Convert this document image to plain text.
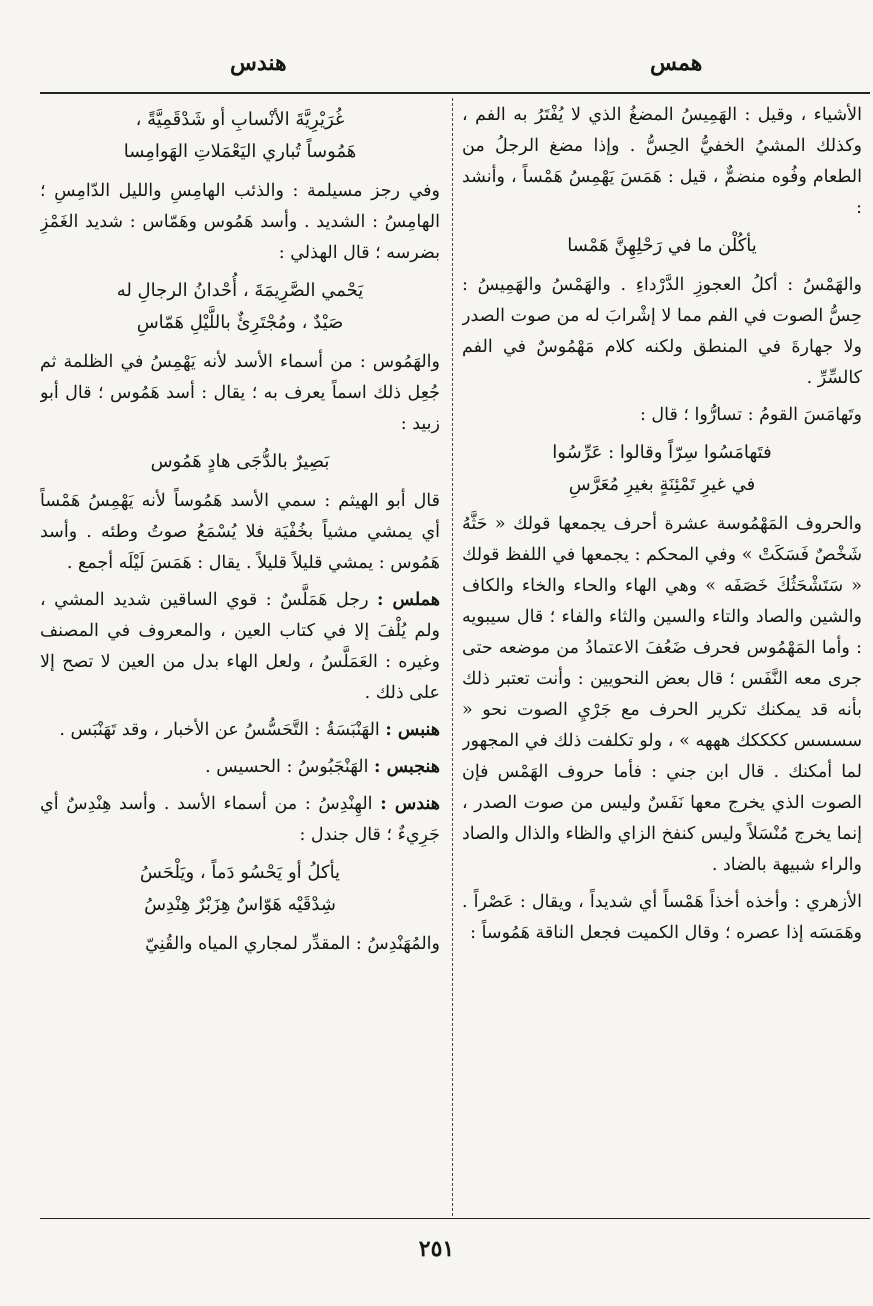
هندس	همس

الأشياء ، وقيل : الهَمِيسُ المضغُ الذي لا يُفْتَرُ به الفم ، وكذلك المشيُ الخفيُّ الحِسُّ . وإذا مضغ الرجلُ من الطعام وفُوه منضمٌّ ، قيل : هَمَسَ يَهْمِسُ هَمْساً ، وأنشد :

يأكُلْن ما في رَحْلِهِنَّ هَمْسا

والهَمْسُ : أكلُ العجوزِ الدَّرْداءِ . والهَمْسُ والهَمِيسُ : حِسُّ الصوت في الفم مما لا إشْرابَ له من صوت الصدر ولا جهارةَ في المنطق ولكنه كلام مَهْمُوسٌ في الفم كالسِّرِّ .

وتَهامَسَ القومُ : تسارُّوا ؛ قال :

فتَهامَسُوا سِرّاً وقالوا : عَرِّسُوا
في غيرِ تَمْئِنَةٍ بغيرِ مُعَرَّسِ

والحروف المَهْمُوسة عشرة أحرف يجمعها قولك « حَثَّهُ شَخْصٌ فَسَكَتْ » وفي المحكم : يجمعها في اللفظ قولك « سَتَشْحَثُكَ خَصَفَه » وهي الهاء والحاء والخاء والكاف والشين والصاد والتاء والسين والثاء والفاء ؛ قال سيبويه : وأما المَهْمُوس فحرف ضَعُفَ الاعتمادُ من موضعه حتى جرى معه النَّفَس ؛ قال بعض النحويين : وأنت تعتبر ذلك بأنه قد يمكنك تكرير الحرف مع جَرْيِ الصوت نحو « سسسس ككككك هههه » ، ولو تكلفت ذلك في المجهور لما أمكنك . قال ابن جني : فأما حروف الهَمْس فإن الصوت الذي يخرج معها نَفَسٌ وليس من صوت الصدر ، إنما يخرج مُنْسَلاً وليس كنفخ الزاي والظاء والذال والصاد والراء شبيهة بالضاد .

الأزهري : وأخذه أخذاً هَمْساً أي شديداً ، ويقال : عَصْراً . وهَمَسَه إذا عصره ؛ وقال الكميت فجعل الناقة هَمُوساً :

غُرَيْرِيَّةَ الأنْسابِ أو شَدْقَمِيَّةً ،
هَمُوساً تُباري اليَعْمَلاتِ الهَوامِسا

وفي رجز مسيلمة : والذئب الهامِسِ والليل الدّامِسِ ؛ الهامِسُ : الشديد . وأسد هَمُوس وهَمّاس : شديد الغَمْزِ بضرسه ؛ قال الهذلي :

يَحْمي الصَّرِيمَةَ ، أُحْدانُ الرجالِ له
صَيْدٌ ، ومُجْتَرِئٌ باللَّيْلِ هَمّاسِ

والهَمُوس : من أسماء الأسد لأنه يَهْمِسُ في الظلمة ثم جُعِل ذلك اسماً يعرف به ؛ يقال : أسد هَمُوس ؛ قال أبو زبيد :

بَصِيرٌ بالدُّجَى هادٍ هَمُوس

قال أبو الهيثم : سمي الأسد هَمُوساً لأنه يَهْمِسُ هَمْساً أي يمشي مشياً بخُفْيَة فلا يُسْمَعُ صوتُ وطئه . وأسد هَمُوس : يمشي قليلاً قليلاً . يقال : هَمَسَ لَيْلَه أجمع .

هملس : رجل هَمَلَّسٌ : قوي الساقين شديد المشي ، ولم يُلْفَ إلا في كتاب العين ، والمعروف في المصنف وغيره : العَمَلَّسُ ، ولعل الهاء بدل من العين لا تصح إلا على ذلك .

هنبس : الهَنْبَسَةُ : التَّحَسُّسُ عن الأخبار ، وقد تَهَنْبَس .

هنجبس : الهَنْجَبُوسُ : الحسيس .

هندس : الهِنْدِسُ : من أسماء الأسد . وأسد هِنْدِسٌ أي جَرِيءٌ ؛ قال جندل :

يأكلُ أو يَحْسُو دَماً ، ويَلْحَسُ
شِدْقَيْه هَوّاسٌ هِزَبْرٌ هِنْدِسُ

والمُهَنْدِسُ : المقدِّر لمجاري المياه والقُنِيّ

٢٥١
